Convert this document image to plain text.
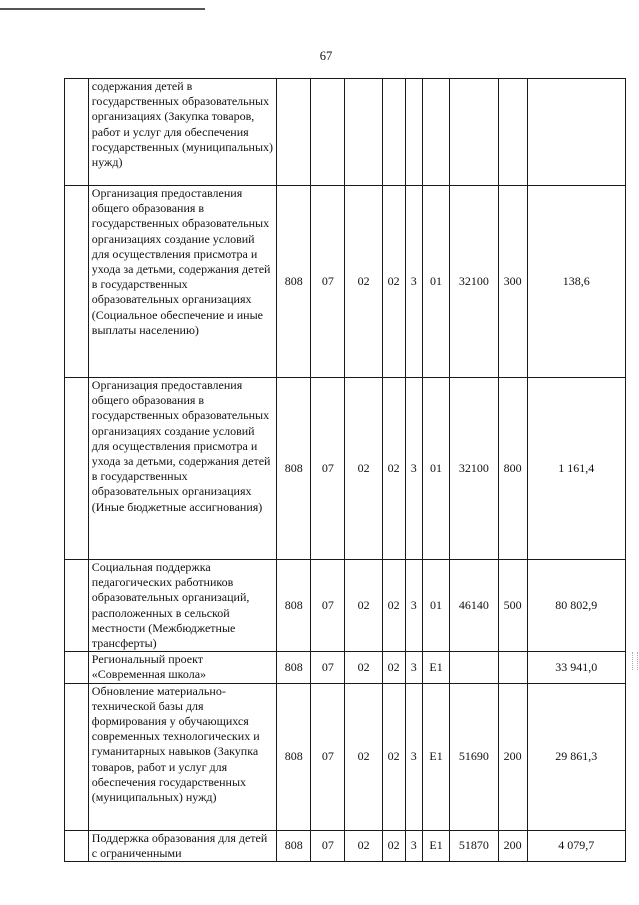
67

	содержания детей в государственных образовательных организациях (Закупка товаров, работ и услуг для обеспечения государственных (муниципальных) нужд)									

	Организация предоставления общего образования в государственных образовательных организациях создание условий для осуществления присмотра и ухода за детьми, содержания детей в государственных образовательных организациях (Социальное обеспечение и иные выплаты населению)	808	07	02	02	3	01	32100	300	138,6

	Организация предоставления общего образования в государственных образовательных организациях создание условий для осуществления присмотра и ухода за детьми, содержания детей в государственных образовательных организациях (Иные бюджетные ассигнования)	808	07	02	02	3	01	32100	800	1 161,4

	Социальная поддержка педагогических работников образовательных организаций, расположенных в сельской местности (Межбюджетные трансферты)	808	07	02	02	3	01	46140	500	80 802,9

	Региональный проект «Современная школа»	808	07	02	02	3	Е1			33 941,0

	Обновление материально-технической базы для формирования у обучающихся современных технологических и гуманитарных навыков (Закупка товаров, работ и услуг для обеспечения государственных (муниципальных) нужд)	808	07	02	02	3	Е1	51690	200	29 861,3

	Поддержка образования для детей с ограниченными	808	07	02	02	3	Е1	51870	200	4 079,7
